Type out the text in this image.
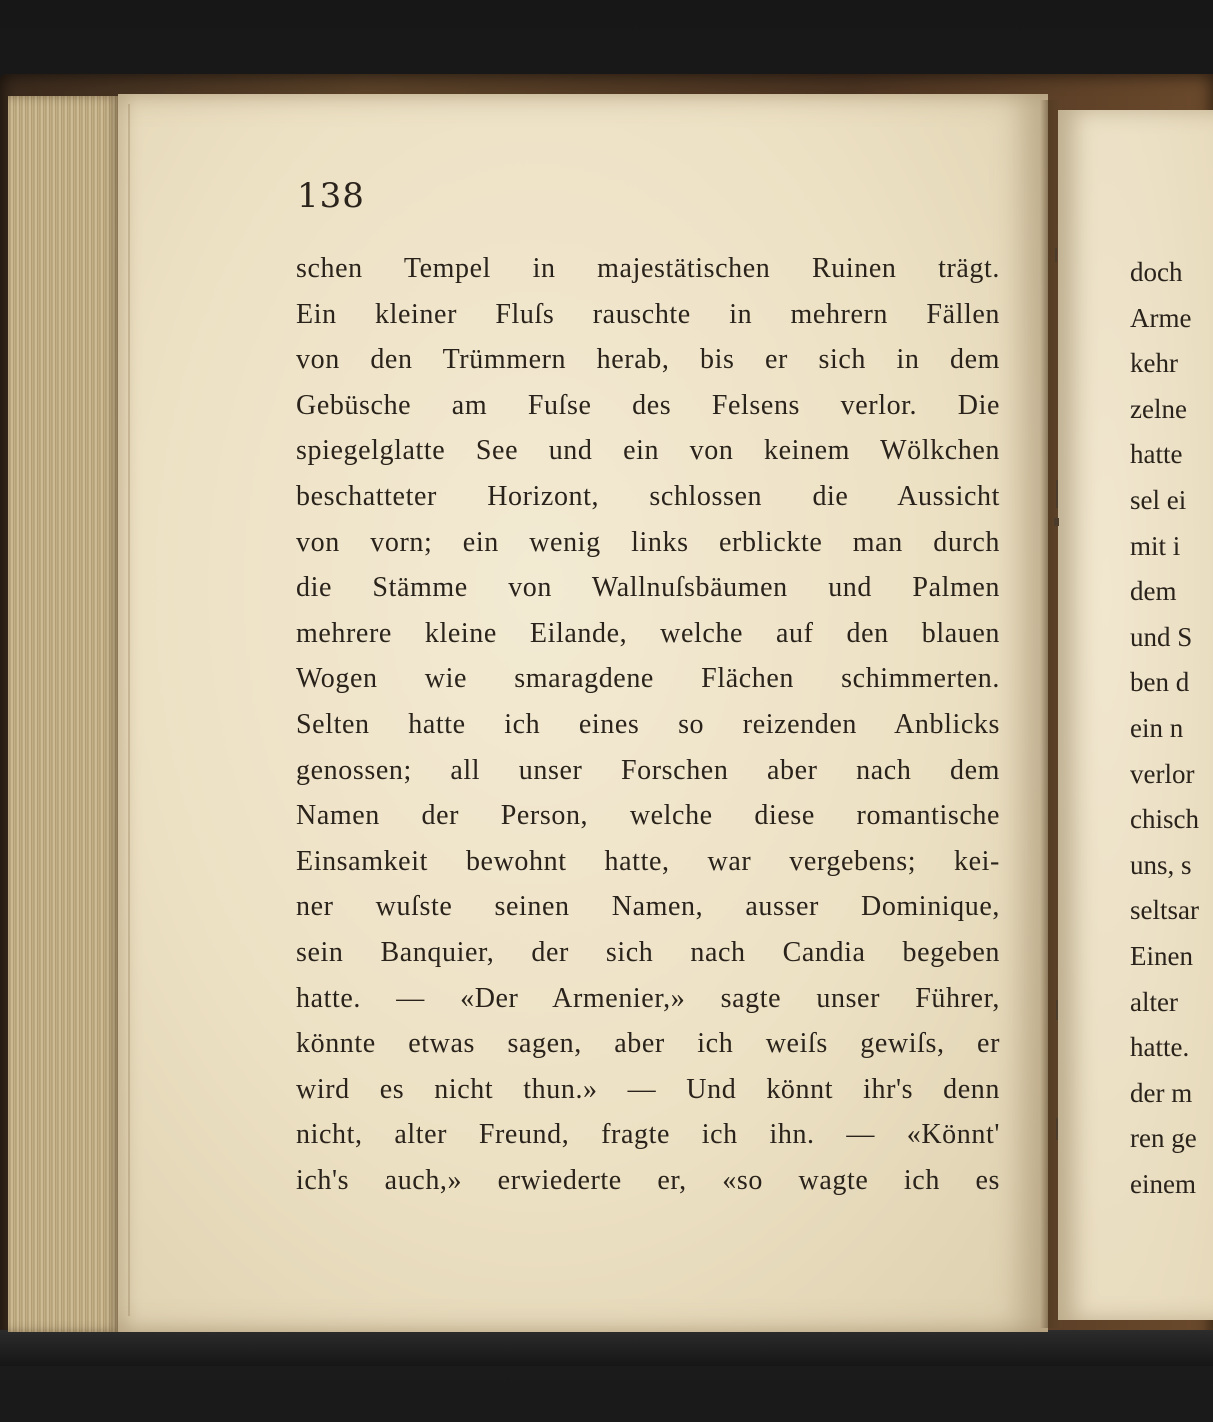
138

schen Tempel in majestätischen Ruinen trägt.
Ein kleiner Fluſs rauschte in mehrern Fällen
von den Trümmern herab, bis er sich in dem
Gebüsche am Fuſse des Felsens verlor. Die
spiegelglatte See und ein von keinem Wölkchen
beschatteter Horizont, schlossen die Aussicht
von vorn; ein wenig links erblickte man durch
die Stämme von Wallnuſsbäumen und Palmen
mehrere kleine Eilande, welche auf den blauen
Wogen wie smaragdene Flächen schimmerten.
Selten hatte ich eines so reizenden Anblicks
genossen; all unser Forschen aber nach dem
Namen der Person, welche diese romantische
Einsamkeit bewohnt hatte, war vergebens; kei-
ner wuſste seinen Namen, ausser Dominique,
sein Banquier, der sich nach Candia begeben
hatte. — «Der Armenier,» sagte unser Führer,
könnte etwas sagen, aber ich weiſs gewiſs, er
wird es nicht thun.» — Und könnt ihr's denn
nicht, alter Freund, fragte ich ihn. — «Könnt'
ich's auch,» erwiederte er, «so wagte ich es
doch
Arme
kehr
zelne
hatte
sel ei
mit i
dem
und S
ben d
ein n
verlor
chisch
uns, s
seltsar
Einen
alter
hatte.
der m
ren ge
einem
